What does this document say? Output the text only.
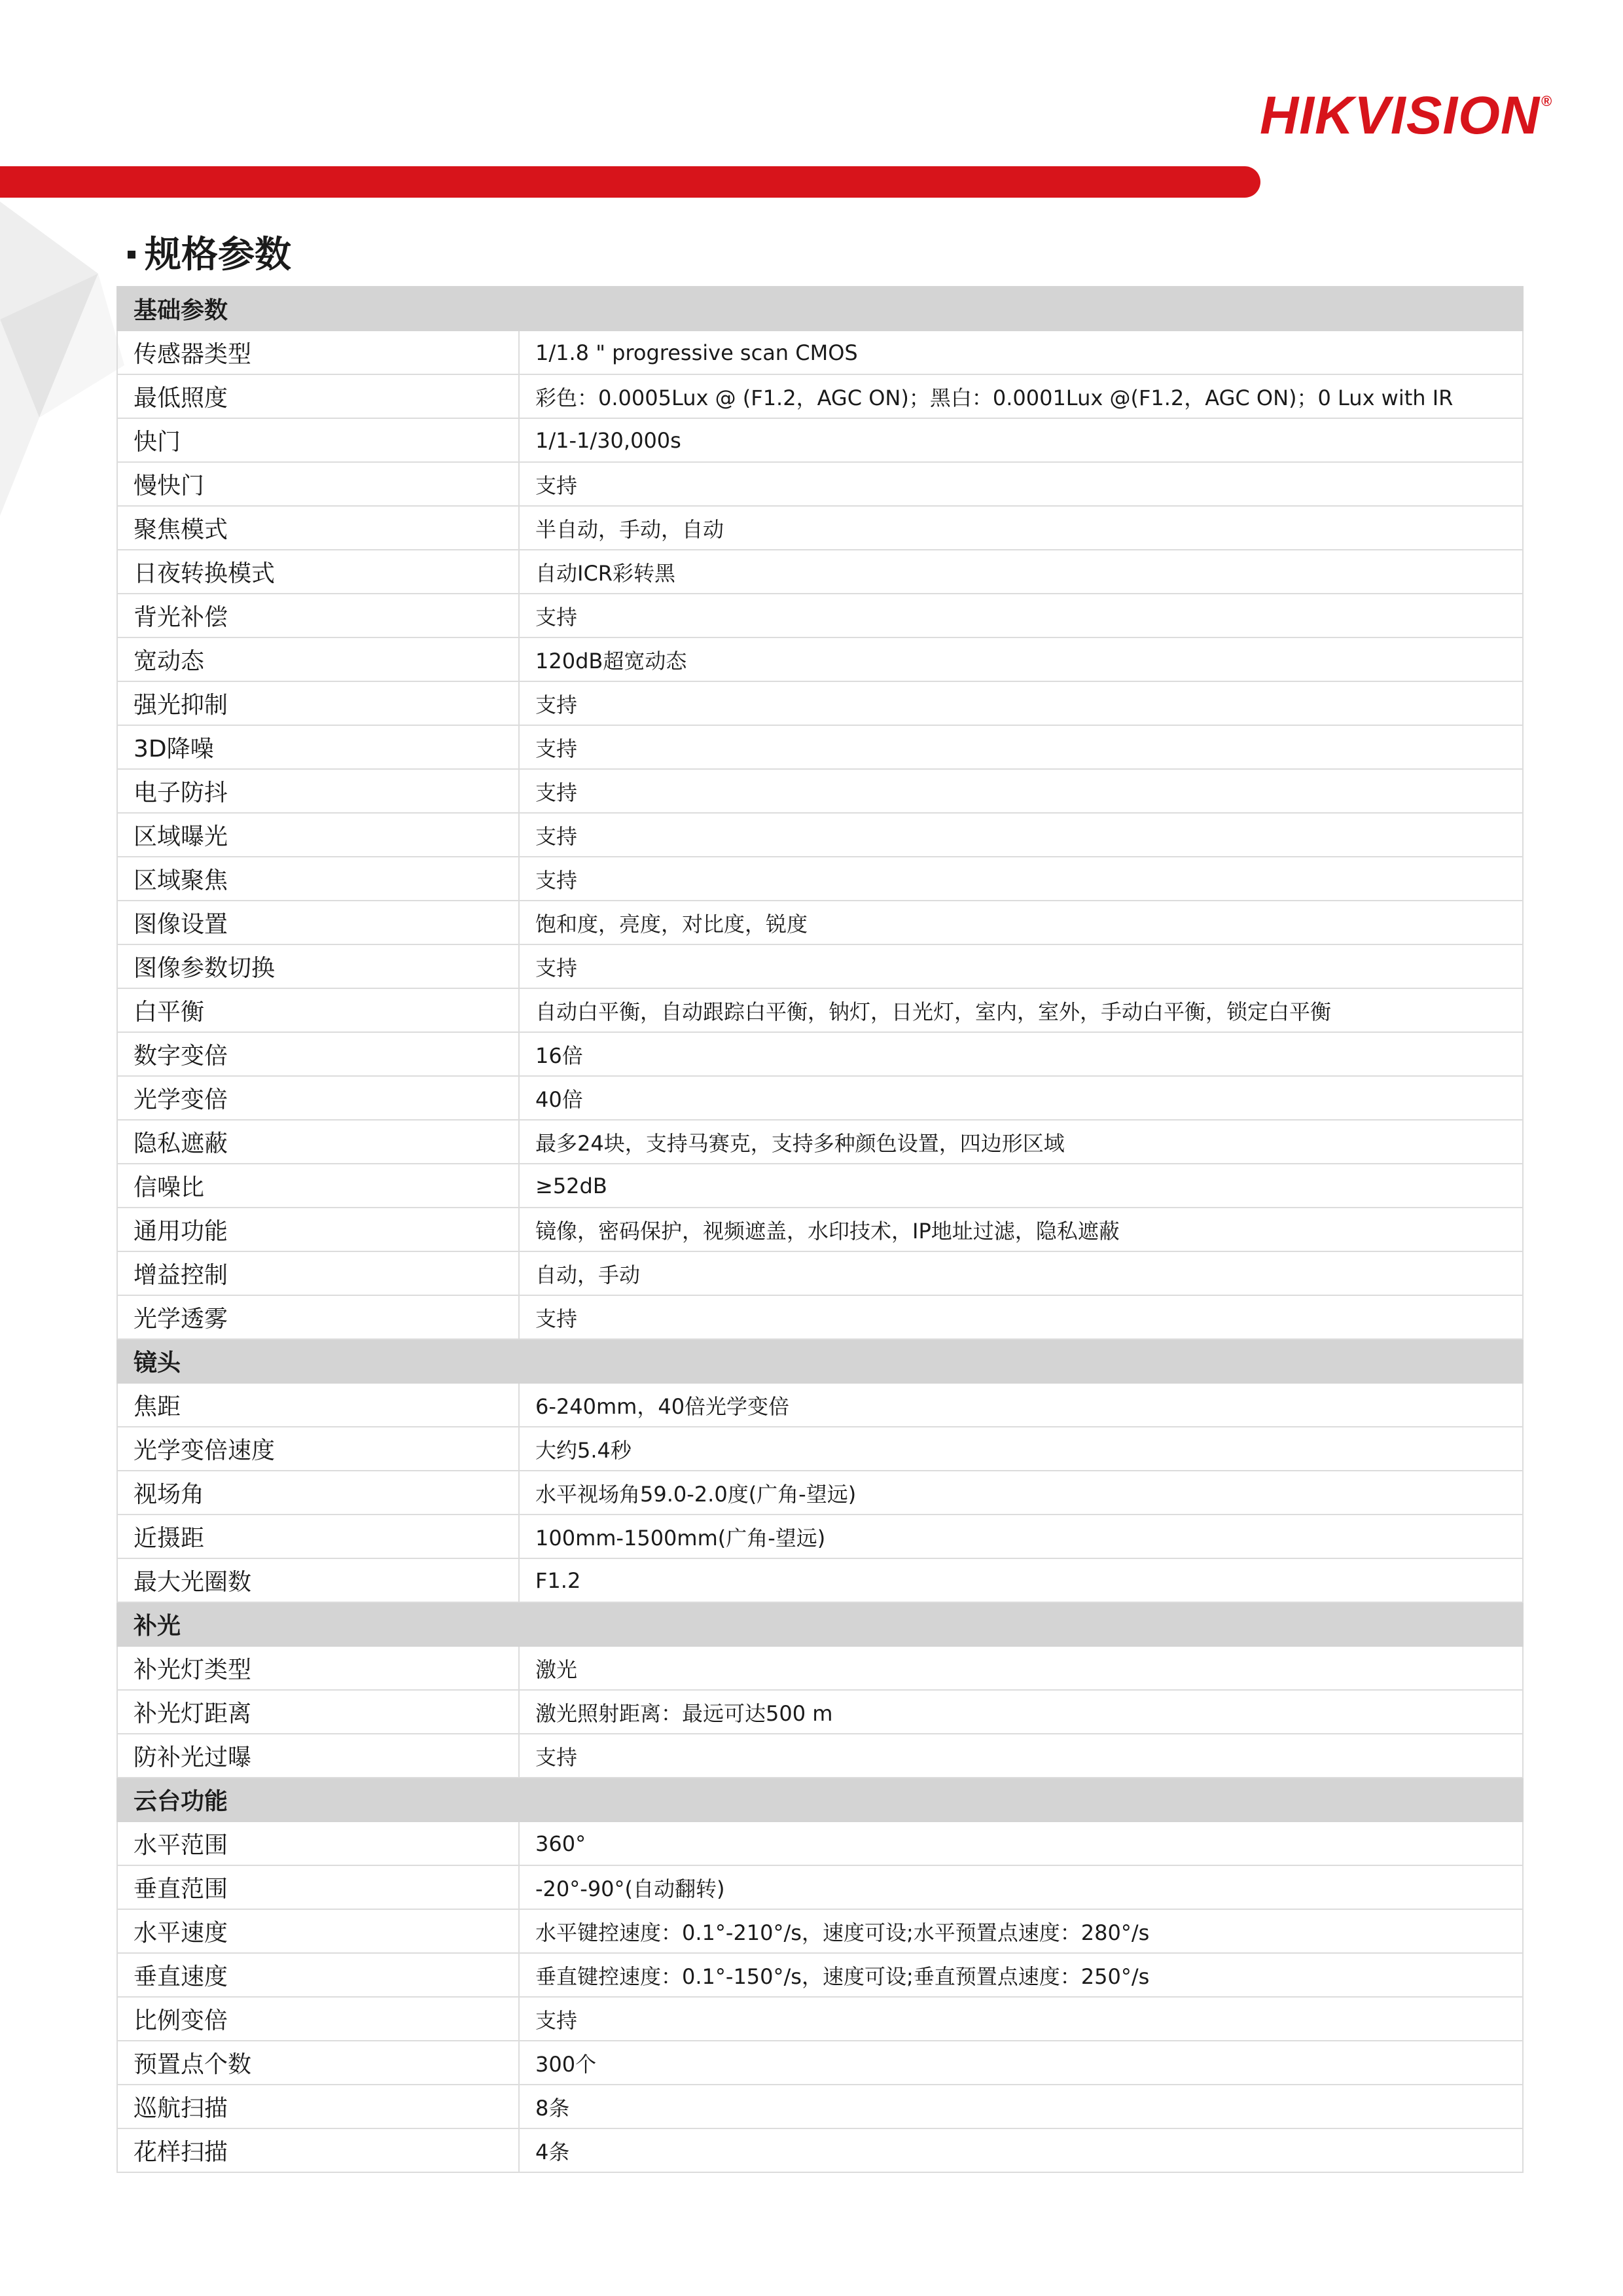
HIKVISION®
规格参数
基础参数	
传感器类型	1/1.8 " progressive scan CMOS
最低照度	彩色：0.0005Lux @ (F1.2，AGC ON)；黑白：0.0001Lux @(F1.2，AGC ON)；0 Lux with IR
快门	1/1-1/30,000s
慢快门	支持
聚焦模式	半自动，手动，自动
日夜转换模式	自动ICR彩转黑
背光补偿	支持
宽动态	120dB超宽动态
强光抑制	支持
3D降噪	支持
电子防抖	支持
区域曝光	支持
区域聚焦	支持
图像设置	饱和度，亮度，对比度，锐度
图像参数切换	支持
白平衡	自动白平衡，自动跟踪白平衡，钠灯，日光灯，室内，室外，手动白平衡，锁定白平衡
数字变倍	16倍
光学变倍	40倍
隐私遮蔽	最多24块，支持马赛克，支持多种颜色设置，四边形区域
信噪比	≥52dB
通用功能	镜像，密码保护，视频遮盖，水印技术，IP地址过滤，隐私遮蔽
增益控制	自动，手动
光学透雾	支持
镜头	
焦距	6-240mm，40倍光学变倍
光学变倍速度	大约5.4秒
视场角	水平视场角59.0-2.0度(广角-望远)
近摄距	100mm-1500mm(广角-望远)
最大光圈数	F1.2
补光	
补光灯类型	激光
补光灯距离	激光照射距离：最远可达500 m
防补光过曝	支持
云台功能	
水平范围	360°
垂直范围	-20°-90°(自动翻转)
水平速度	水平键控速度：0.1°-210°/s，速度可设;水平预置点速度：280°/s
垂直速度	垂直键控速度：0.1°-150°/s，速度可设;垂直预置点速度：250°/s
比例变倍	支持
预置点个数	300个
巡航扫描	8条
花样扫描	4条
